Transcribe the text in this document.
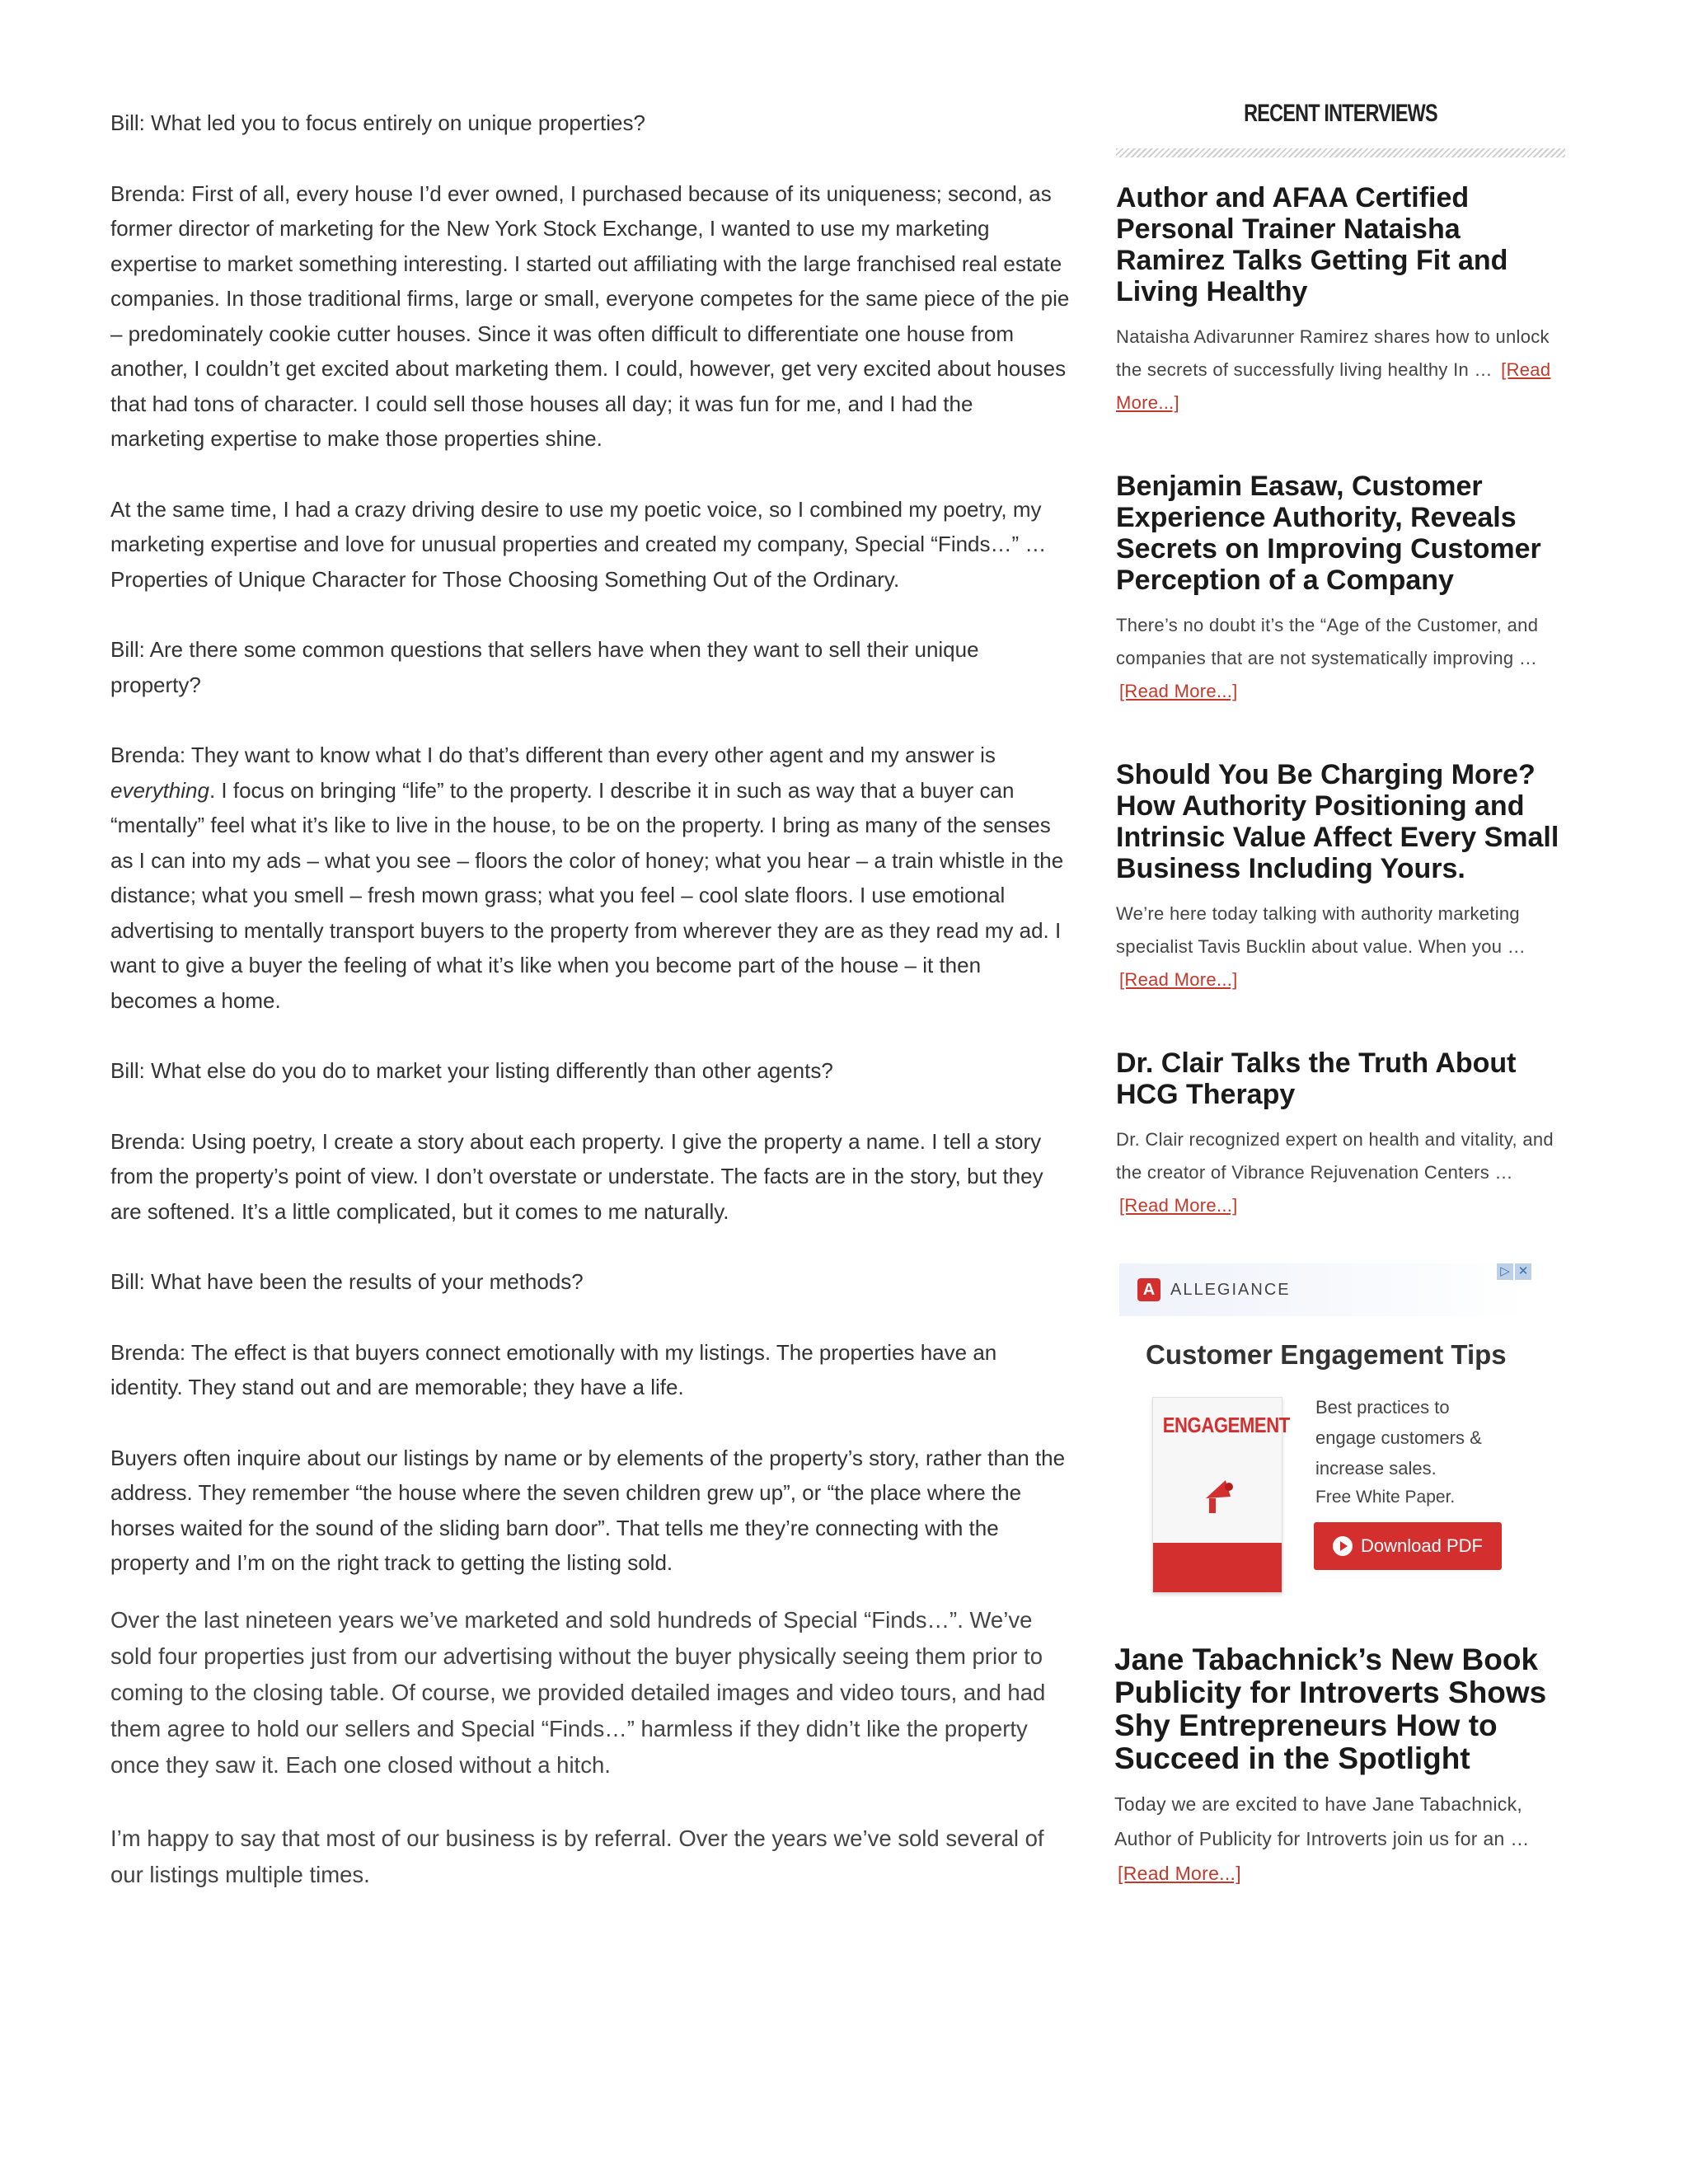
Bill: What led you to focus entirely on unique properties?

Brenda: First of all, every house I’d ever owned, I purchased because of its uniqueness; second, as former director of marketing for the New York Stock Exchange, I wanted to use my marketing expertise to market something interesting. I started out affiliating with the large franchised real estate companies. In those traditional firms, large or small, everyone competes for the same piece of the pie – predominately cookie cutter houses. Since it was often difficult to differentiate one house from another, I couldn’t get excited about marketing them. I could, however, get very excited about houses that had tons of character. I could sell those houses all day; it was fun for me, and I had the marketing expertise to make those properties shine.

At the same time, I had a crazy driving desire to use my poetic voice, so I combined my poetry, my marketing expertise and love for unusual properties and created my company, Special “Finds…” … Properties of Unique Character for Those Choosing Something Out of the Ordinary.

Bill: Are there some common questions that sellers have when they want to sell their unique property?

Brenda: They want to know what I do that’s different than every other agent and my answer is everything. I focus on bringing “life” to the property. I describe it in such as way that a buyer can “mentally” feel what it’s like to live in the house, to be on the property. I bring as many of the senses as I can into my ads – what you see – floors the color of honey; what you hear – a train whistle in the distance; what you smell – fresh mown grass; what you feel – cool slate floors. I use emotional advertising to mentally transport buyers to the property from wherever they are as they read my ad. I want to give a buyer the feeling of what it’s like when you become part of the house – it then becomes a home.

Bill: What else do you do to market your listing differently than other agents?

Brenda: Using poetry, I create a story about each property. I give the property a name. I tell a story from the property’s point of view. I don’t overstate or understate. The facts are in the story, but they are softened. It’s a little complicated, but it comes to me naturally.

Bill: What have been the results of your methods?

Brenda: The effect is that buyers connect emotionally with my listings. The properties have an identity. They stand out and are memorable; they have a life.

Buyers often inquire about our listings by name or by elements of the property’s story, rather than the address. They remember “the house where the seven children grew up”, or “the place where the horses waited for the sound of the sliding barn door”. That tells me they’re connecting with the property and I’m on the right track to getting the listing sold.

Over the last nineteen years we’ve marketed and sold hundreds of Special “Finds…”. We’ve sold four properties just from our advertising without the buyer physically seeing them prior to coming to the closing table. Of course, we provided detailed images and video tours, and had them agree to hold our sellers and Special “Finds…” harmless if they didn’t like the property once they saw it. Each one closed without a hitch.

I’m happy to say that most of our business is by referral. Over the years we’ve sold several of our listings multiple times.

RECENT INTERVIEWS
Author and AFAA Certified Personal Trainer Nataisha Ramirez Talks Getting Fit and Living Healthy
Nataisha Adivarunner Ramirez shares how to unlock the secrets of successfully living healthy In … [Read More...]
Benjamin Easaw, Customer Experience Authority, Reveals Secrets on Improving Customer Perception of a Company
There’s no doubt it’s the “Age of the Customer, and companies that are not systematically improving … [Read More...]
Should You Be Charging More? How Authority Positioning and Intrinsic Value Affect Every Small Business Including Yours.
We’re here today talking with authority marketing specialist Tavis Bucklin about value. When you … [Read More...]
Dr. Clair Talks the Truth About HCG Therapy
Dr. Clair recognized expert on health and vitality, and the creator of Vibrance Rejuvenation Centers … [Read More...]
A ALLEGIANCE
▷ ✕
Customer Engagement Tips
ENGAGEMENT
Best practices to engage customers & increase sales.
Free White Paper.
Download PDF
Jane Tabachnick’s New Book Publicity for Introverts Shows Shy Entrepreneurs How to Succeed in the Spotlight
Today we are excited to have Jane Tabachnick, Author of Publicity for Introverts join us for an … [Read More...]
